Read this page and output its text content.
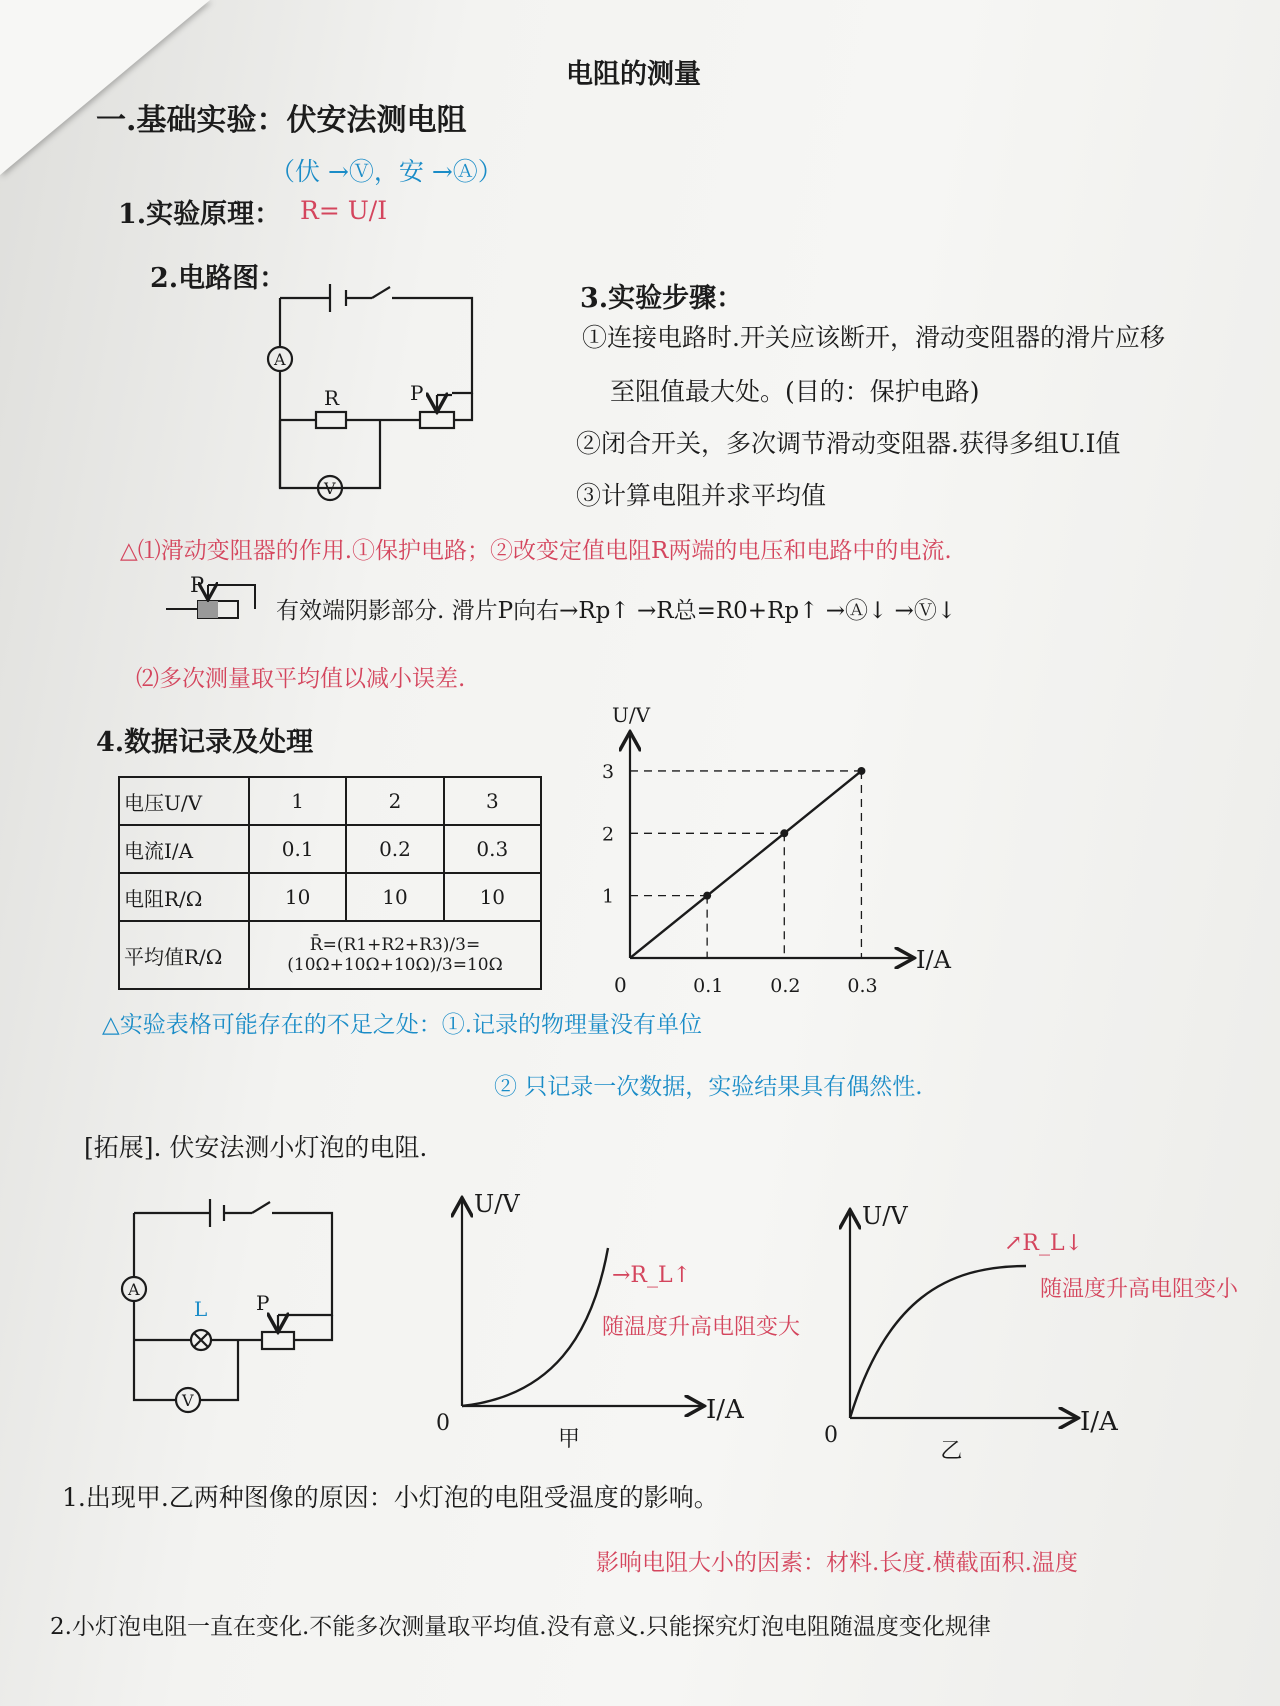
电阻的测量
一.基础实验：伏安法测电阻
（伏 →Ⓥ，安 →Ⓐ）
1.实验原理： R= U/I
2.电路图：
3.实验步骤：
①连接电路时.开关应该断开，滑动变阻器的滑片应移
至阻值最大处。(目的：保护电路)
②闭合开关，多次调节滑动变阻器.获得多组U.I值
③计算电阻并求平均值
△⑴滑动变阻器的作用.①保护电路；②改变定值电阻R两端的电压和电路中的电流.
P
有效端阴影部分. 滑片P向右→Rp↑ →R总=R0+Rp↑ →Ⓐ↓ →Ⓥ↓
⑵多次测量取平均值以减小误差.
4.数据记录及处理
电压U/V	1	2	3
电流I/A	0.1	0.2	0.3
电阻R/Ω	10	10	10
平均值R/Ω	R̄=(R1+R2+R3)/3=(10Ω+10Ω+10Ω)/3=10Ω		
△实验表格可能存在的不足之处：①.记录的物理量没有单位
② 只记录一次数据，实验结果具有偶然性.
[拓展]. 伏安法测小灯泡的电阻.
1.出现甲.乙两种图像的原因：小灯泡的电阻受温度的影响。
影响电阻大小的因素：材料.长度.横截面积.温度
2.小灯泡电阻一直在变化.不能多次测量取平均值.没有意义.只能探究灯泡电阻随温度变化规律
A
V
R	P
I/A
U/V
0	0.1 0.2 0.3
1
2
3
A
V
L P
I/A
U/V
0
甲
→R_L↑
随温度升高电阻变大
I/A
U/V
0
乙
↗R_L↓
随温度升高电阻变小
